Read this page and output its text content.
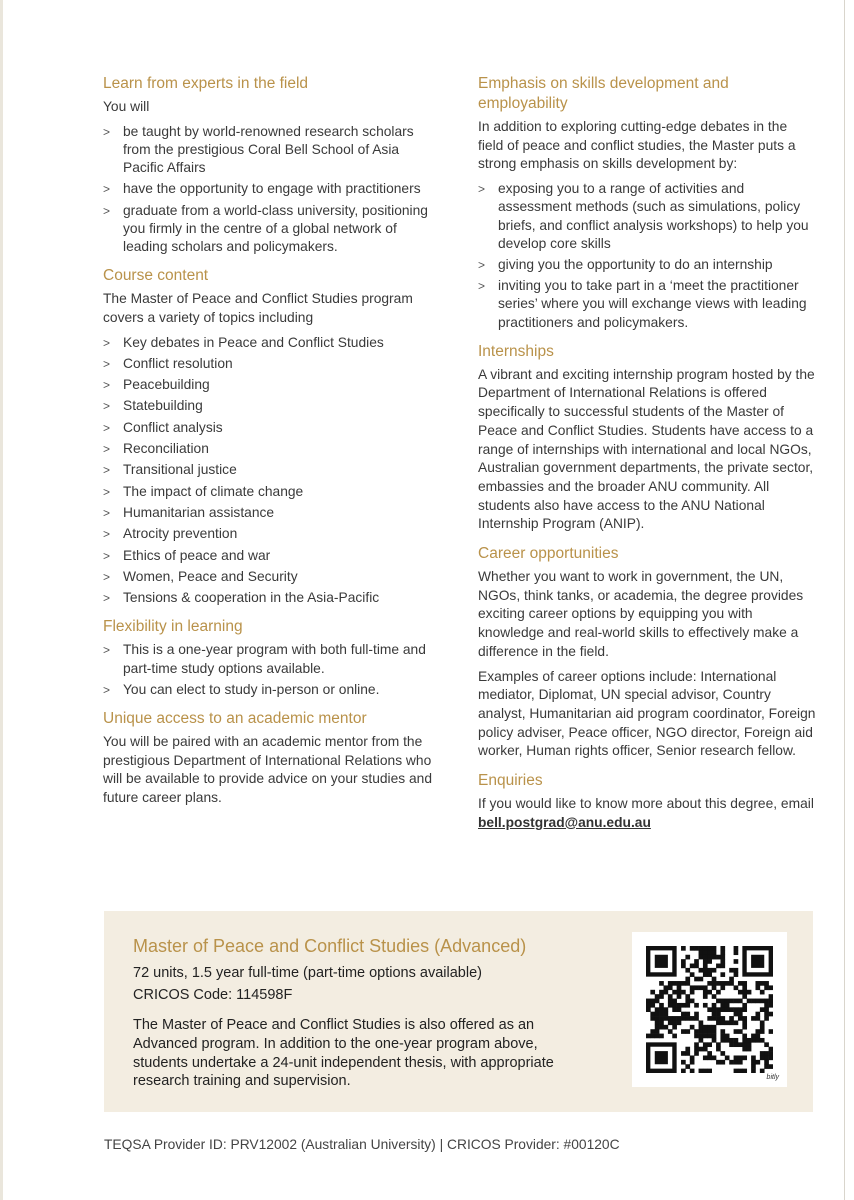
Learn from experts in the field

You will

> be taught by world-renowned research scholars from the prestigious Coral Bell School of Asia Pacific Affairs
> have the opportunity to engage with practitioners
> graduate from a world-class university, positioning you firmly in the centre of a global network of leading scholars and policymakers.
Course content

The Master of Peace and Conflict Studies program covers a variety of topics including

> Key debates in Peace and Conflict Studies
> Conflict resolution
> Peacebuilding
> Statebuilding
> Conflict analysis
> Reconciliation
> Transitional justice
> The impact of climate change
> Humanitarian assistance
> Atrocity prevention
> Ethics of peace and war
> Women, Peace and Security
> Tensions & cooperation in the Asia-Pacific
Flexibility in learning
> This is a one-year program with both full-time and part-time study options available.
> You can elect to study in-person or online.
Unique access to an academic mentor

You will be paired with an academic mentor from the prestigious Department of International Relations who will be available to provide advice on your studies and future career plans.

Emphasis on skills development and employability

In addition to exploring cutting-edge debates in the field of peace and conflict studies, the Master puts a strong emphasis on skills development by:

> exposing you to a range of activities and assessment methods (such as simulations, policy briefs, and conflict analysis workshops) to help you develop core skills
> giving you the opportunity to do an internship
> inviting you to take part in a ‘meet the practitioner series’ where you will exchange views with leading practitioners and policymakers.
Internships

A vibrant and exciting internship program hosted by the Department of International Relations is offered specifically to successful students of the Master of Peace and Conflict Studies. Students have access to a range of internships with international and local NGOs, Australian government departments, the private sector, embassies and the broader ANU community. All students also have access to the ANU National Internship Program (ANIP).

Career opportunities

Whether you want to work in government, the UN, NGOs, think tanks, or academia, the degree provides exciting career options by equipping you with knowledge and real-world skills to effectively make a difference in the field.

Examples of career options include: International mediator, Diplomat, UN special advisor, Country analyst, Humanitarian aid program coordinator, Foreign policy adviser, Peace officer, NGO director, Foreign aid worker, Human rights officer, Senior research fellow.

Enquiries

If you would like to know more about this degree, email bell.postgrad@anu.edu.au

Master of Peace and Conflict Studies (Advanced)

72 units, 1.5 year full-time (part-time options available)

CRICOS Code: 114598F

The Master of Peace and Conflict Studies is also offered as an Advanced program. In addition to the one-year program above, students undertake a 24-unit independent thesis, with appropriate research training and supervision.	bitly
TEQSA Provider ID: PRV12002 (Australian University) | CRICOS Provider: #00120C
